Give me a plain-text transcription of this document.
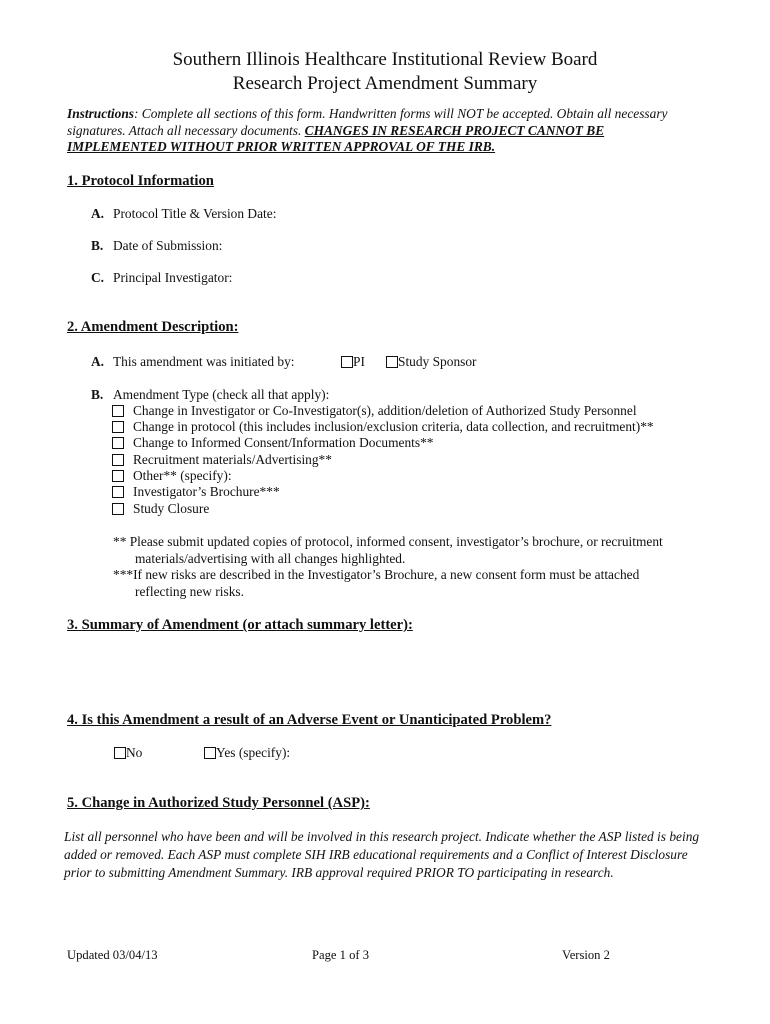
Southern Illinois Healthcare Institutional Review Board
Research Project Amendment Summary
Instructions: Complete all sections of this form. Handwritten forms will NOT be accepted. Obtain all necessary signatures. Attach all necessary documents. CHANGES IN RESEARCH PROJECT CANNOT BE IMPLEMENTED WITHOUT PRIOR WRITTEN APPROVAL OF THE IRB.
1. Protocol Information
A. Protocol Title & Version Date:
B. Date of Submission:
C. Principal Investigator:
2. Amendment Description:
A. This amendment was initiated by:	PI	Study Sponsor
B. Amendment Type (check all that apply):
Change in Investigator or Co-Investigator(s), addition/deletion of Authorized Study Personnel
Change in protocol (this includes inclusion/exclusion criteria, data collection, and recruitment)**
Change to Informed Consent/Information Documents**
Recruitment materials/Advertising**
Other** (specify):
Investigator’s Brochure***
Study Closure
** Please submit updated copies of protocol, informed consent, investigator’s brochure, or recruitment
materials/advertising with all changes highlighted.
***If new risks are described in the Investigator’s Brochure, a new consent form must be attached
reflecting new risks.
3. Summary of Amendment (or attach summary letter):
4. Is this Amendment a result of an Adverse Event or Unanticipated Problem?
No	Yes (specify):
5. Change in Authorized Study Personnel (ASP):
List all personnel who have been and will be involved in this research project. Indicate whether the ASP listed is being added or removed. Each ASP must complete SIH IRB educational requirements and a Conflict of Interest Disclosure prior to submitting Amendment Summary. IRB approval required PRIOR TO participating in research.
Updated 03/04/13	Page 1 of 3	Version 2
